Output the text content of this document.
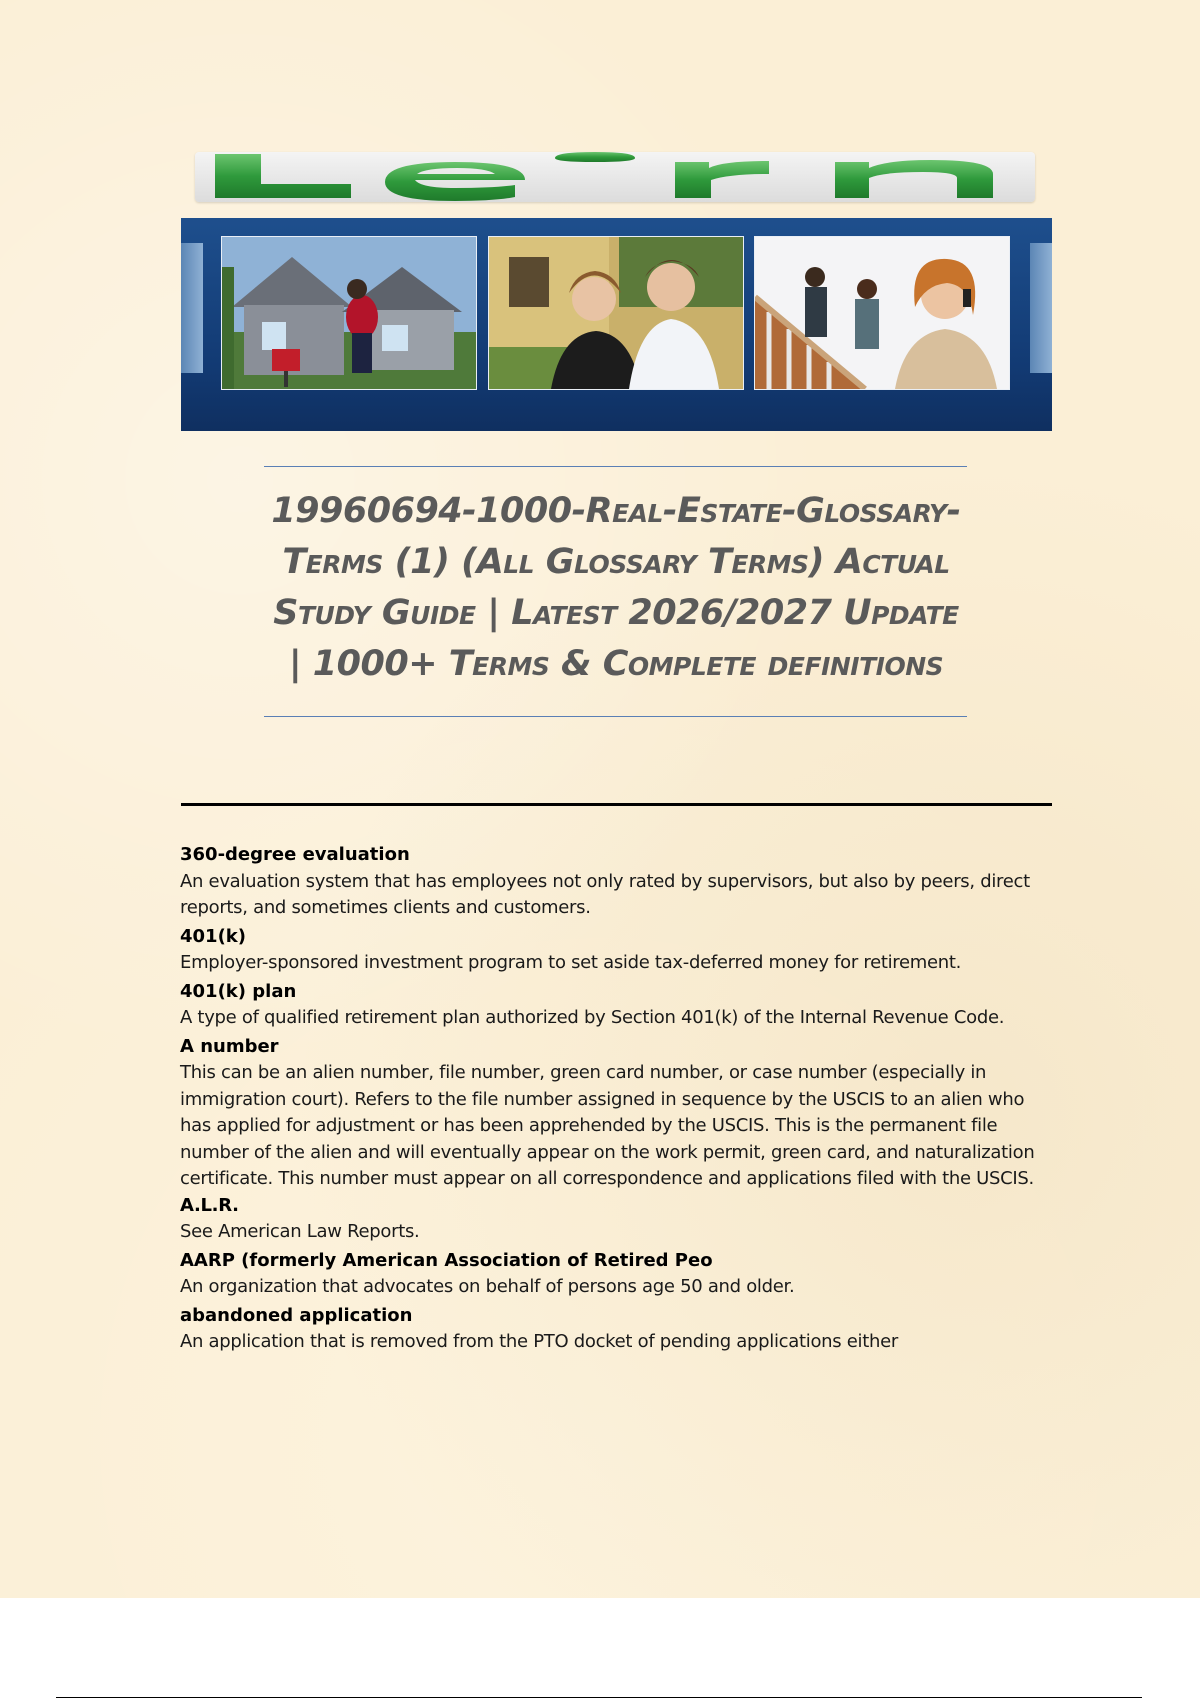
19960694-1000-Real-Estate-Glossary-
Terms (1) (All Glossary Terms) Actual
Study Guide | Latest 2026/2027 Update
| 1000+ Terms & Complete definitions
360-degree evaluation
An evaluation system that has employees not only rated by supervisors, but also by peers, direct reports, and sometimes clients and customers.
401(k)
Employer-sponsored investment program to set aside tax-deferred money for retirement.
401(k) plan
A type of qualified retirement plan authorized by Section 401(k) of the Internal Revenue Code.
A number
This can be an alien number, file number, green card number, or case number (especially in immigration court). Refers to the file number assigned in sequence by the USCIS to an alien who has applied for adjustment or has been apprehended by the USCIS. This is the permanent file number of the alien and will eventually appear on the work permit, green card, and naturalization certificate. This number must appear on all correspondence and applications filed with the USCIS. A.L.R.
See American Law Reports.
AARP (formerly American Association of Retired Peo
An organization that advocates on behalf of persons age 50 and older.
abandoned application
An application that is removed from the PTO docket of pending applications either
